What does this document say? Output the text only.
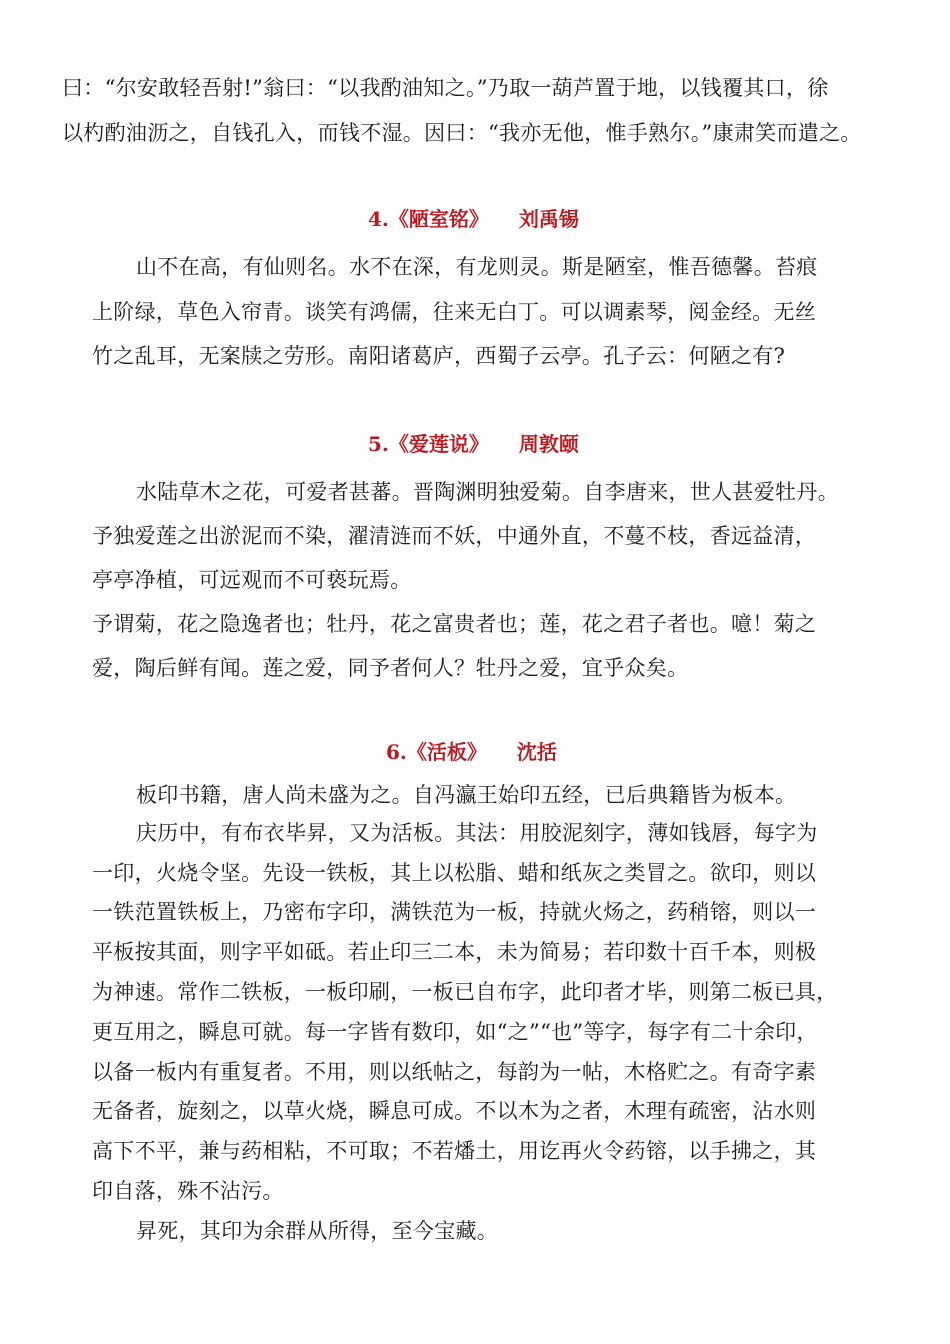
曰：“尔安敢轻吾射!”翁曰：“以我酌油知之。”乃取一葫芦置于地，以钱覆其口，徐
以杓酌油沥之，自钱孔入，而钱不湿。因曰：“我亦无他，惟手熟尔。”康肃笑而遣之。
4.《陋室铭》 刘禹锡
山不在高，有仙则名。水不在深，有龙则灵。斯是陋室，惟吾德馨。苔痕
上阶绿，草色入帘青。谈笑有鸿儒，往来无白丁。可以调素琴，阅金经。无丝
竹之乱耳，无案牍之劳形。南阳诸葛庐，西蜀子云亭。孔子云：何陋之有?
5.《爱莲说》 周敦颐
水陆草木之花，可爱者甚蕃。晋陶渊明独爱菊。自李唐来，世人甚爱牡丹。
予独爱莲之出淤泥而不染，濯清涟而不妖，中通外直，不蔓不枝，香远益清，
亭亭净植，可远观而不可亵玩焉。
予谓菊，花之隐逸者也；牡丹，花之富贵者也；莲，花之君子者也。噫！菊之
爱，陶后鲜有闻。莲之爱，同予者何人？牡丹之爱，宜乎众矣。
6.《活板》 沈括
板印书籍，唐人尚未盛为之。自冯瀛王始印五经，已后典籍皆为板本。
庆历中，有布衣毕昇，又为活板。其法：用胶泥刻字，薄如钱唇，每字为
一印，火烧令坚。先设一铁板，其上以松脂、蜡和纸灰之类冒之。欲印，则以
一铁范置铁板上，乃密布字印，满铁范为一板，持就火炀之，药稍镕，则以一
平板按其面，则字平如砥。若止印三二本，未为简易；若印数十百千本，则极
为神速。常作二铁板，一板印刷，一板已自布字，此印者才毕，则第二板已具，
更互用之，瞬息可就。每一字皆有数印，如“之”“也”等字，每字有二十余印，
以备一板内有重复者。不用，则以纸帖之，每韵为一帖，木格贮之。有奇字素
无备者，旋刻之，以草火烧，瞬息可成。不以木为之者，木理有疏密，沾水则
高下不平，兼与药相粘，不可取；不若燔土，用讫再火令药镕，以手拂之，其
印自落，殊不沾污。
昇死，其印为余群从所得，至今宝藏。
